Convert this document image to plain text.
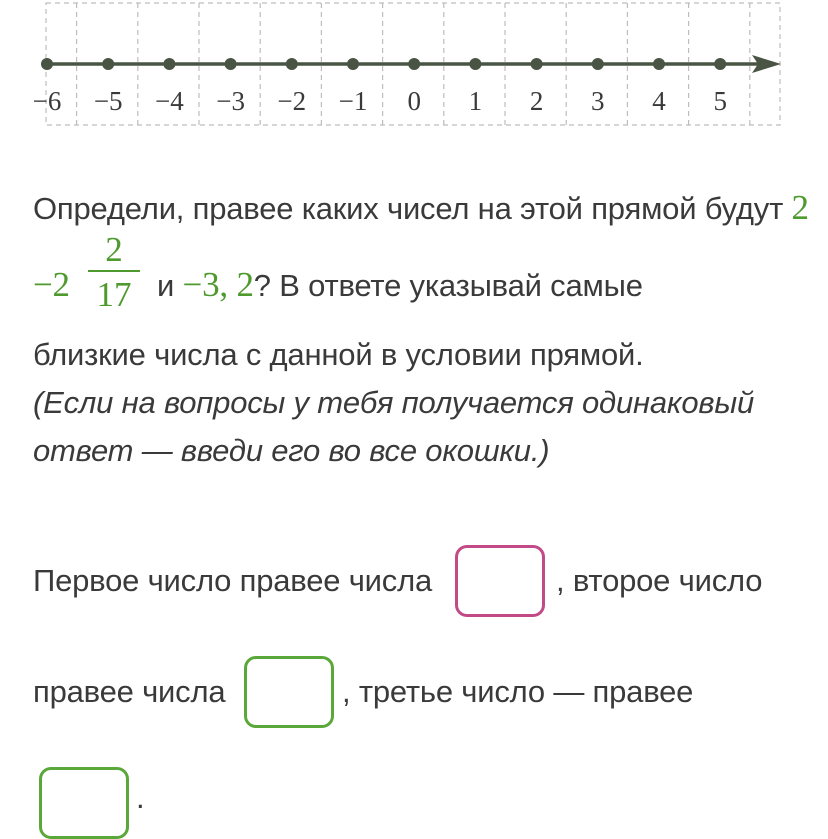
−6 −5 −4 −3 −2 −1 0 1 2 3 4 5
Определи, правее каких чисел на этой прямой будут 2
−2
2
17 и −3, 2? В ответе указывай самые
близкие числа с данной в условии прямой.
(Если на вопросы у тебя получается одинаковый
ответ — введи его во все окошки.)
Первое число правее числа	, второе число
правее числа	, третье число — правее
.
